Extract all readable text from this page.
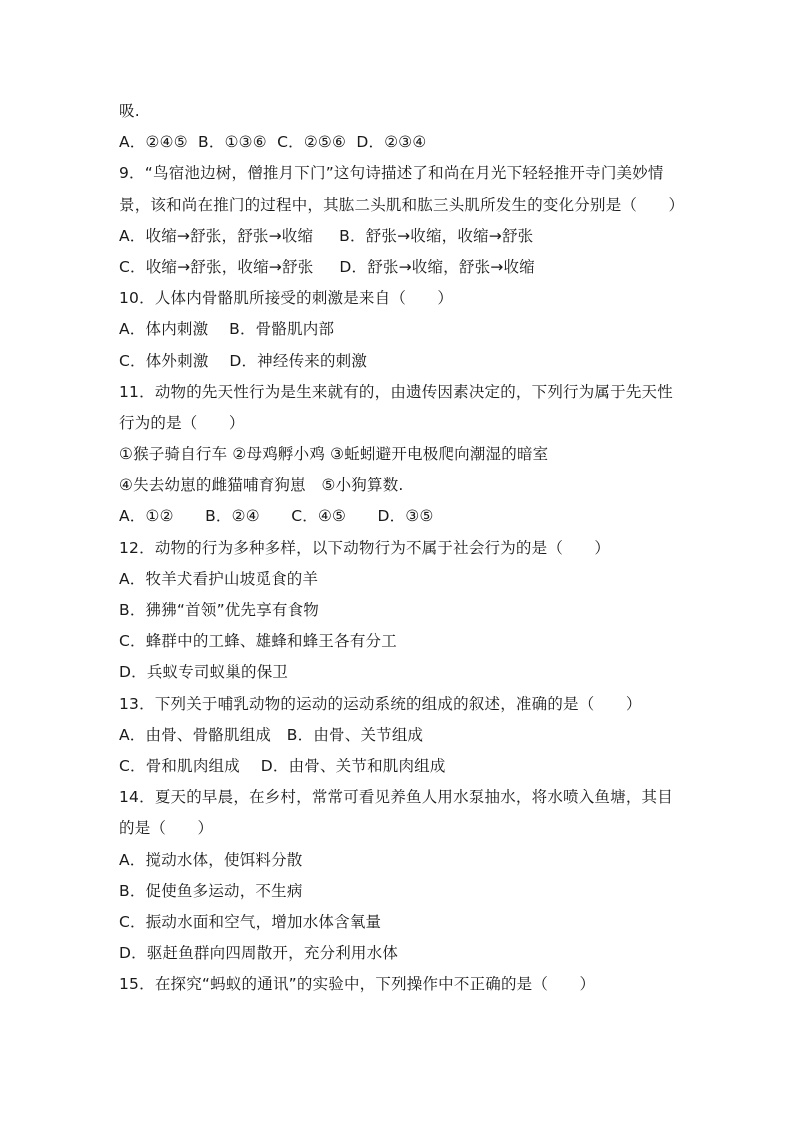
吸.
A．②④⑤  B．①③⑥  C．②⑤⑥  D．②③④
9．“鸟宿池边树，僧推月下门”这句诗描述了和尚在月光下轻轻推开寺门美妙情
景，该和尚在推门的过程中，其肱二头肌和肱三头肌所发生的变化分别是（　　）
A．收缩→舒张，舒张→收缩　  B．舒张→收缩，收缩→舒张
C．收缩→舒张，收缩→舒张　  D．舒张→收缩，舒张→收缩
10．人体内骨骼肌所接受的刺激是来自（　　）
A．体内刺激　 B．骨骼肌内部
C．体外刺激　 D．神经传来的刺激
11．动物的先天性行为是生来就有的，由遗传因素决定的，下列行为属于先天性
行为的是（　　）
①猴子骑自行车 ②母鸡孵小鸡 ③蚯蚓避开电极爬向潮湿的暗室
④失去幼崽的雌猫哺育狗崽　⑤小狗算数.
A．①②　　B．②④　　C．④⑤　　D．③⑤
12．动物的行为多种多样，以下动物行为不属于社会行为的是（　　）
A．牧羊犬看护山坡觅食的羊
B．狒狒“首领”优先享有食物
C．蜂群中的工蜂、雄蜂和蜂王各有分工
D．兵蚁专司蚁巢的保卫
13．下列关于哺乳动物的运动的运动系统的组成的叙述，准确的是（　　）
A．由骨、骨骼肌组成　B．由骨、关节组成
C．骨和肌肉组成　 D．由骨、关节和肌肉组成
14．夏天的早晨，在乡村，常常可看见养鱼人用水泵抽水，将水喷入鱼塘，其目
的是（　　）
A．搅动水体，使饵料分散
B．促使鱼多运动，不生病
C．振动水面和空气，增加水体含氧量
D．驱赶鱼群向四周散开，充分利用水体
15．在探究“蚂蚁的通讯”的实验中，下列操作中不正确的是（　　）
